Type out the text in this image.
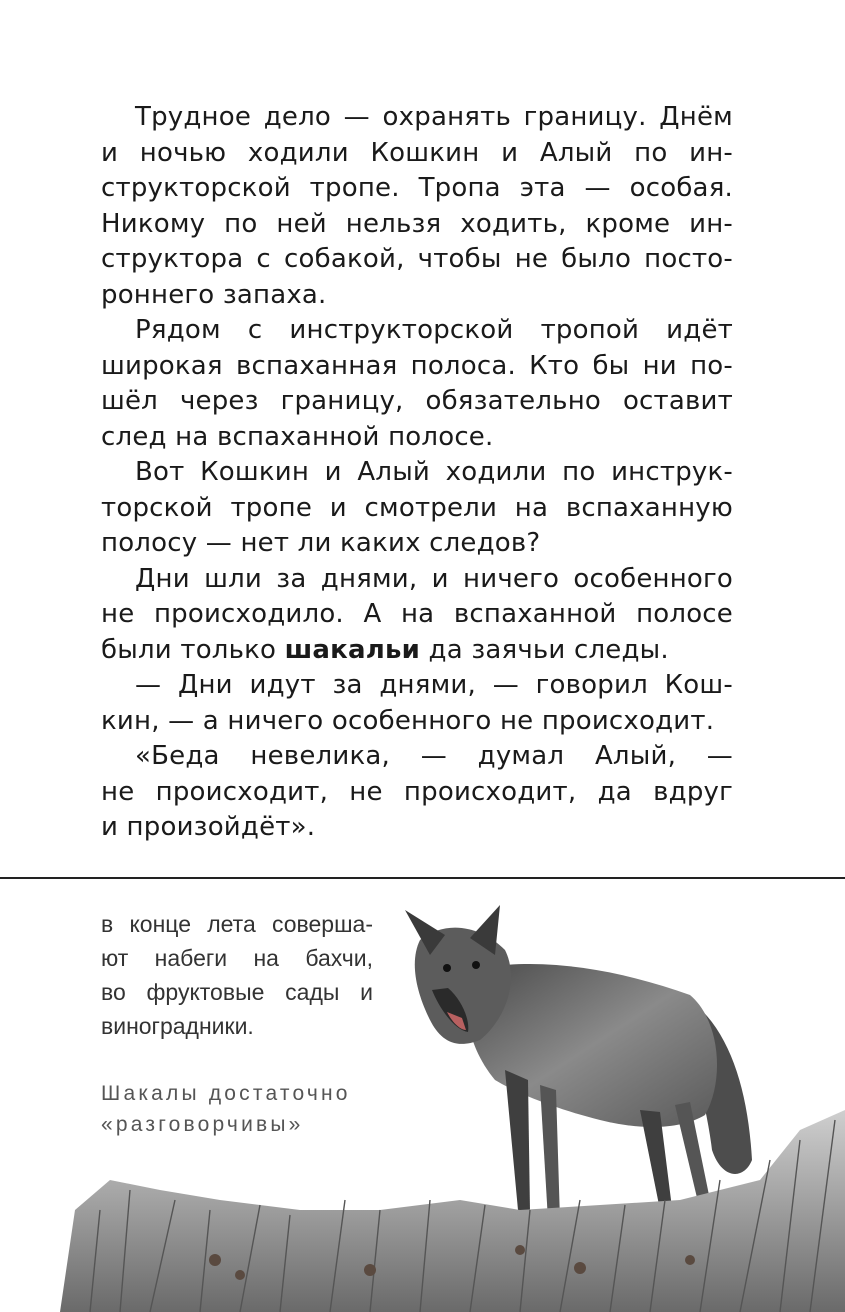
Трудное дело — охранять границу. Днём
и ночью ходили Кошкин и Алый по ин-
структорской тропе. Тропа эта — особая.
Никому по ней нельзя ходить, кроме ин-
структора с собакой, чтобы не было посто-
роннего запаха.
Рядом с инструкторской тропой идёт
широкая вспаханная полоса. Кто бы ни по-
шёл через границу, обязательно оставит
след на вспаханной полосе.
Вот Кошкин и Алый ходили по инструк-
торской тропе и смотрели на вспаханную
полосу — нет ли каких следов?
Дни шли за днями, и ничего особенного
не происходило. А на вспаханной полосе
были только шакальи да заячьи следы.
— Дни идут за днями, — говорил Кош-
кин, — а ничего особенного не происходит.
«Беда невелика, — думал Алый, —
не происходит, не происходит, да вдруг
и произойдёт».
в конце лета соверша-
ют набеги на бахчи,
во фруктовые сады и
виноградники.
Шакалы достаточно
«разговорчивы»
